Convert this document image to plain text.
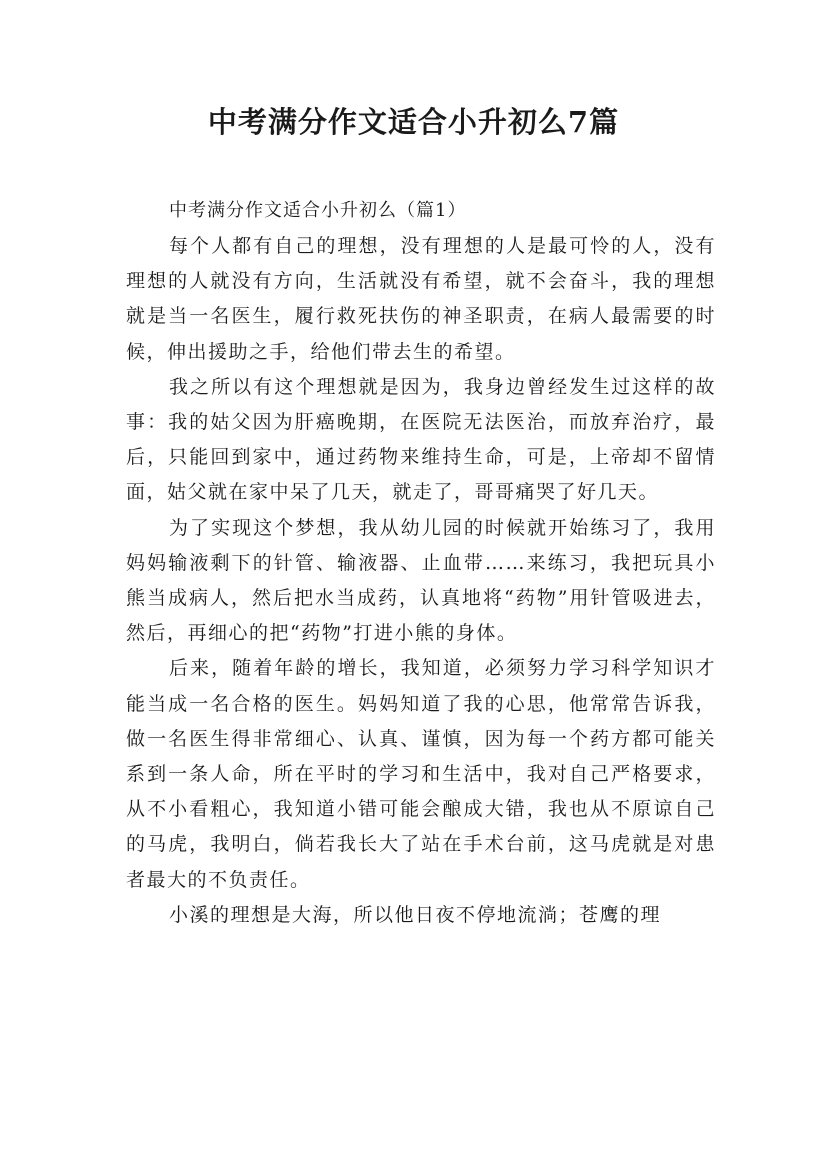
中考满分作文适合小升初么7篇

中考满分作文适合小升初么（篇1）

每个人都有自己的理想，没有理想的人是最可怜的人，没有理想的人就没有方向，生活就没有希望，就不会奋斗，我的理想就是当一名医生，履行救死扶伤的神圣职责，在病人最需要的时候，伸出援助之手，给他们带去生的希望。

我之所以有这个理想就是因为，我身边曾经发生过这样的故事：我的姑父因为肝癌晚期，在医院无法医治，而放弃治疗，最后，只能回到家中，通过药物来维持生命，可是，上帝却不留情面，姑父就在家中呆了几天，就走了，哥哥痛哭了好几天。

为了实现这个梦想，我从幼儿园的时候就开始练习了，我用妈妈输液剩下的针管、输液器、止血带……来练习，我把玩具小熊当成病人，然后把水当成药，认真地将“药物”用针管吸进去，然后，再细心的把“药物”打进小熊的身体。

后来，随着年龄的增长，我知道，必须努力学习科学知识才能当成一名合格的医生。妈妈知道了我的心思，他常常告诉我，做一名医生得非常细心、认真、谨慎，因为每一个药方都可能关系到一条人命，所在平时的学习和生活中，我对自己严格要求，从不小看粗心，我知道小错可能会酿成大错，我也从不原谅自己的马虎，我明白，倘若我长大了站在手术台前，这马虎就是对患者最大的不负责任。

小溪的理想是大海，所以他日夜不停地流淌；苍鹰的理
